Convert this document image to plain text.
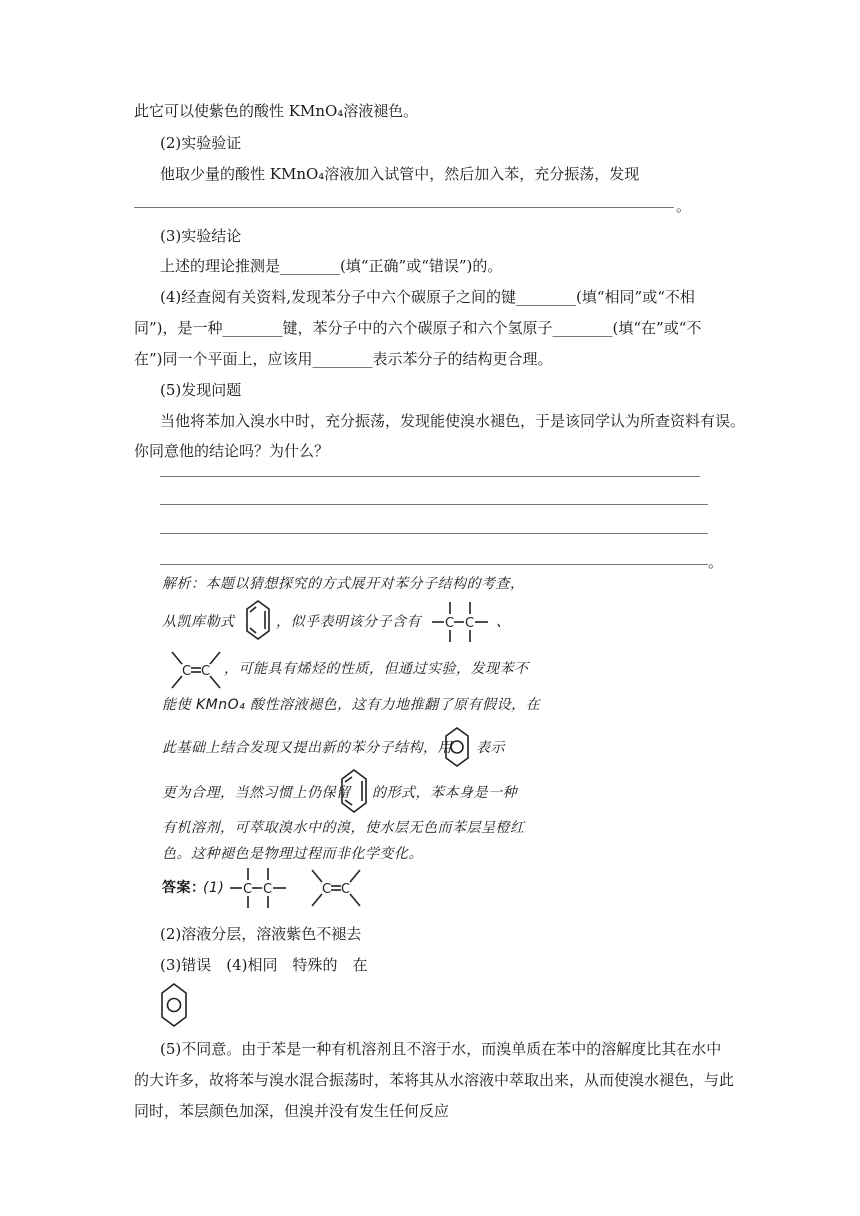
此它可以使紫色的酸性 KMnO₄溶液褪色。
(2)实验验证
他取少量的酸性 KMnO₄溶液加入试管中，然后加入苯，充分振荡，发现
。
(3)实验结论
上述的理论推测是________(填“正确”或“错误”)的。
(4)经查阅有关资料,发现苯分子中六个碳原子之间的键________(填“相同”或“不相
同”)，是一种________键，苯分子中的六个碳原子和六个氢原子________(填“在”或“不
在”)同一个平面上，应该用________表示苯分子的结构更合理。
(5)发现问题
当他将苯加入溴水中时，充分振荡，发现能使溴水褪色，于是该同学认为所查资料有误。
你同意他的结论吗？为什么？
。
解析：本题以猜想探究的方式展开对苯分子结构的考查，
从凯库勒式	，似乎表明该分子含有 C C 、
C C ，可能具有烯烃的性质，但通过实验，发现苯不
能使 KMnO₄ 酸性溶液褪色，这有力地推翻了原有假设，在
此基础上结合发现又提出新的苯分子结构，用 表示
更为合理，当然习惯上仍保留 的形式，苯本身是一种
有机溶剂，可萃取溴水中的溴，使水层无色而苯层呈橙红
色。这种褪色是物理过程而非化学变化。
答案：
(1) C C	C C
(2)溶液分层，溶液紫色不褪去
(3)错误　(4)相同　特殊的　在
(5)不同意。由于苯是一种有机溶剂且不溶于水，而溴单质在苯中的溶解度比其在水中
的大许多，故将苯与溴水混合振荡时，苯将其从水溶液中萃取出来，从而使溴水褪色，与此
同时，苯层颜色加深，但溴并没有发生任何反应
